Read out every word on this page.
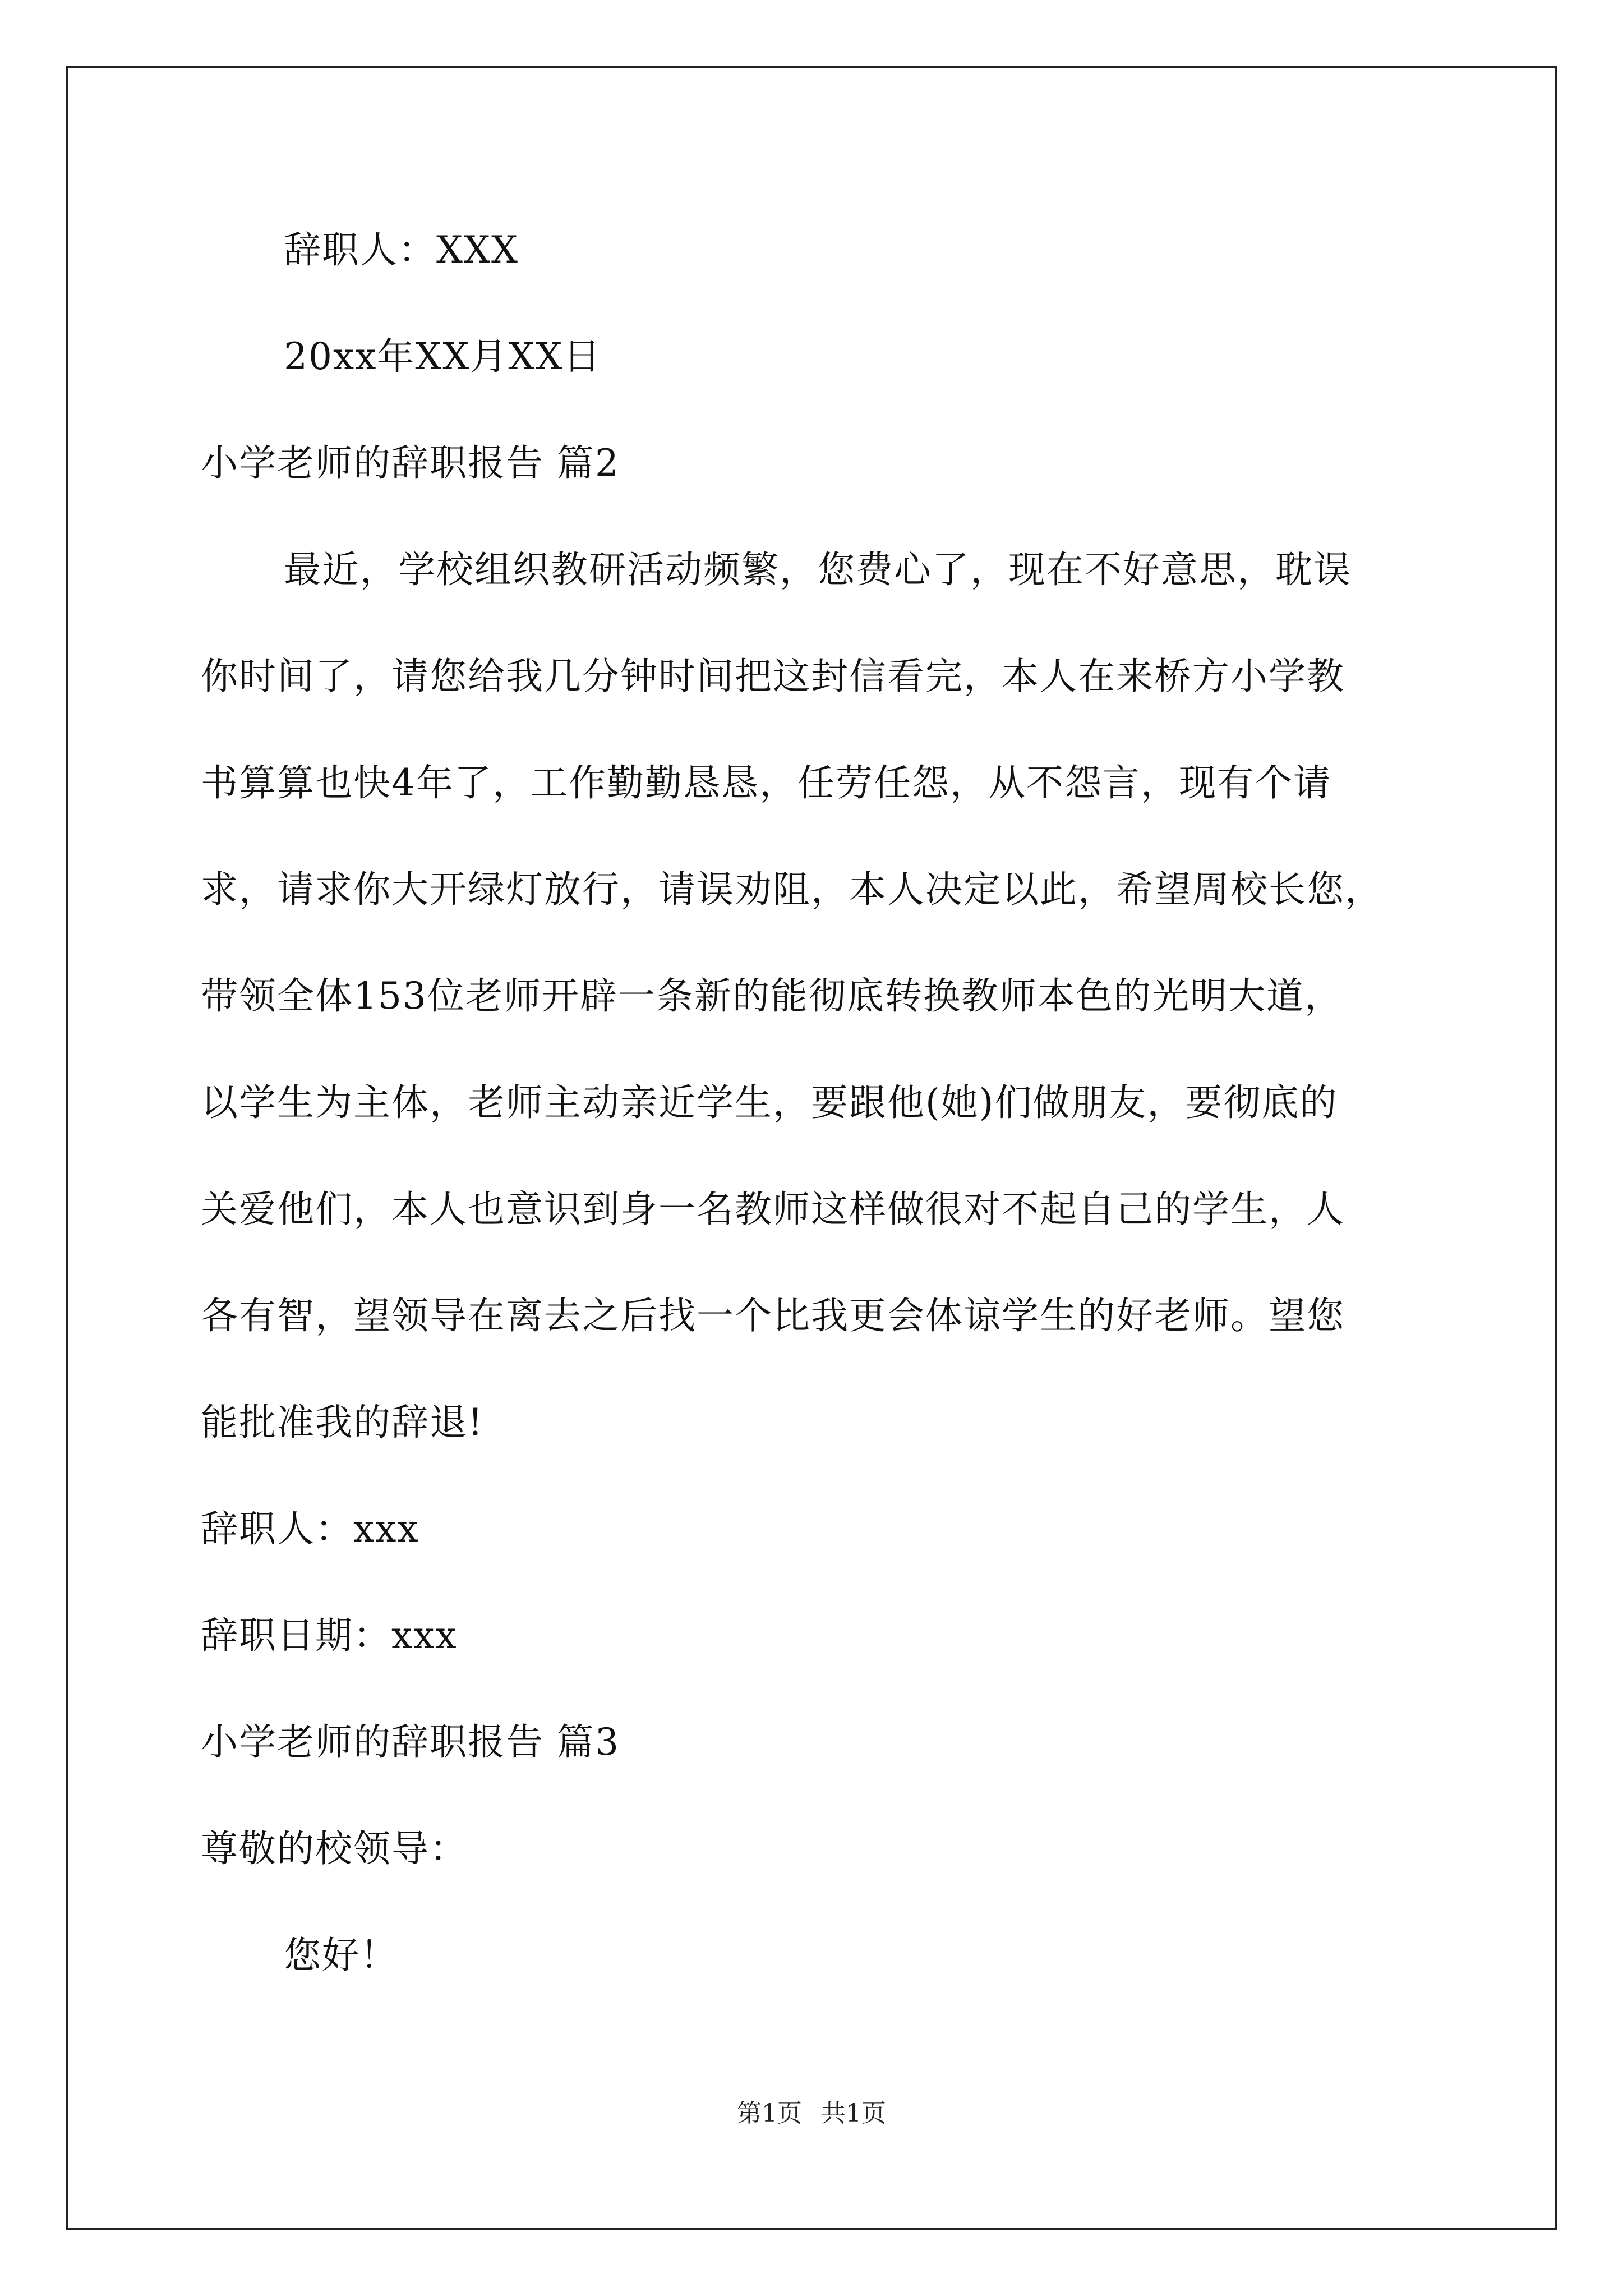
辞职人：XXX
20xx年XX月XX日
小学老师的辞职报告 篇2
最近，学校组织教研活动频繁，您费心了，现在不好意思，耽误
你时间了，请您给我几分钟时间把这封信看完，本人在来桥方小学教
书算算也快4年了，工作勤勤恳恳，任劳任怨，从不怨言，现有个请
求，请求你大开绿灯放行，请误劝阻，本人决定以此，希望周校长您，
带领全体153位老师开辟一条新的能彻底转换教师本色的光明大道，
以学生为主体，老师主动亲近学生，要跟他(她)们做朋友，要彻底的
关爱他们，本人也意识到身一名教师这样做很对不起自己的学生，人
各有智，望领导在离去之后找一个比我更会体谅学生的好老师。望您
能批准我的辞退!
辞职人：xxx
辞职日期：xxx
小学老师的辞职报告 篇3
尊敬的校领导：
您好！
第1页 共1页
